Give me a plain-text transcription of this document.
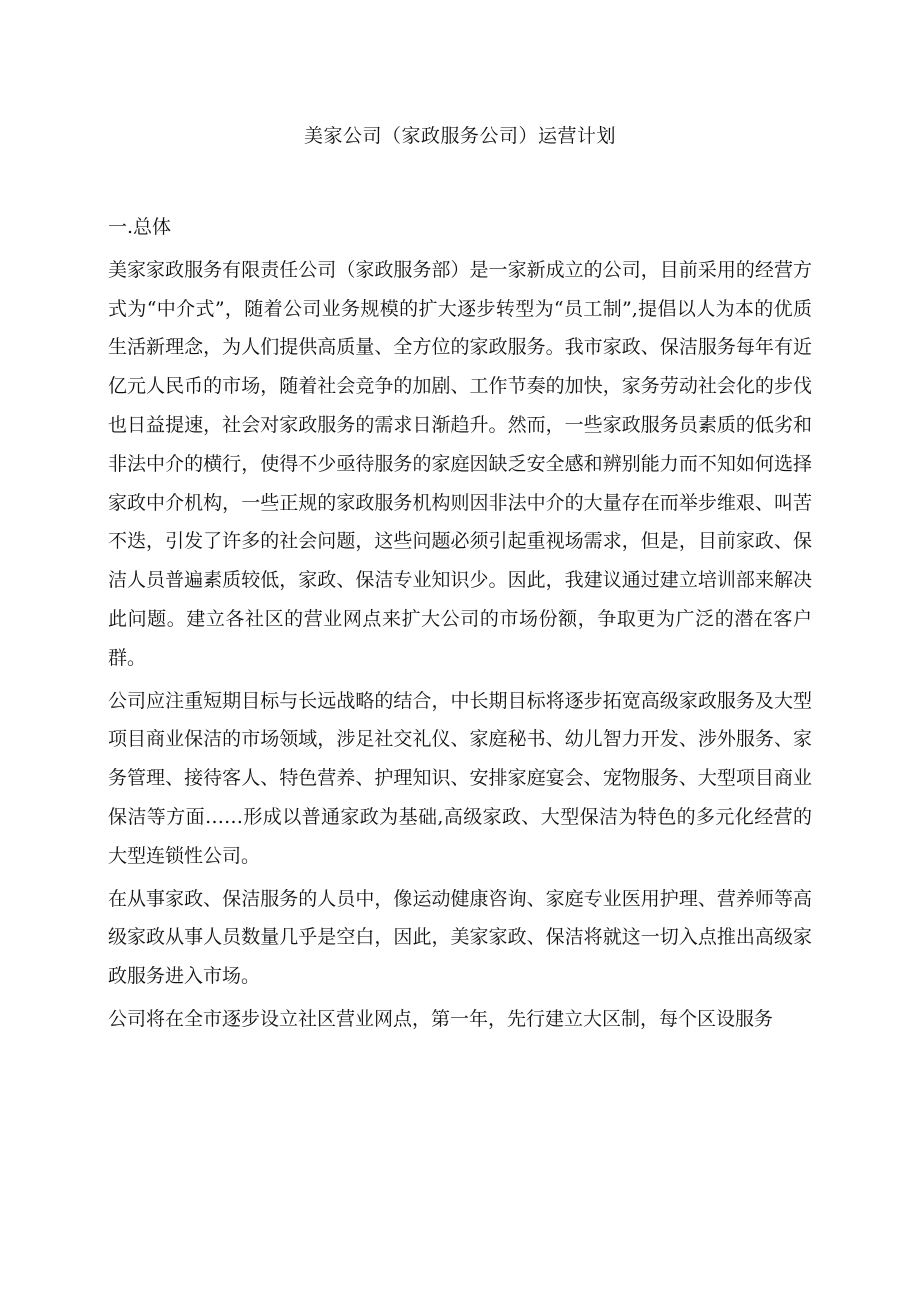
美家公司（家政服务公司）运营计划
一.总体
美家家政服务有限责任公司（家政服务部）是一家新成立的公司，目前采用的经营方式为“中介式”，随着公司业务规模的扩大逐步转型为“员工制”,提倡以人为本的优质生活新理念，为人们提供高质量、全方位的家政服务。我市家政、保洁服务每年有近亿元人民币的市场，随着社会竞争的加剧、工作节奏的加快，家务劳动社会化的步伐也日益提速，社会对家政服务的需求日渐趋升。然而，一些家政服务员素质的低劣和非法中介的横行，使得不少亟待服务的家庭因缺乏安全感和辨别能力而不知如何选择家政中介机构，一些正规的家政服务机构则因非法中介的大量存在而举步维艰、叫苦不迭，引发了许多的社会问题，这些问题必须引起重视场需求，但是，目前家政、保洁人员普遍素质较低，家政、保洁专业知识少。因此，我建议通过建立培训部来解决此问题。建立各社区的营业网点来扩大公司的市场份额，争取更为广泛的潜在客户群。
公司应注重短期目标与长远战略的结合，中长期目标将逐步拓宽高级家政服务及大型项目商业保洁的市场领域，涉足社交礼仪、家庭秘书、幼儿智力开发、涉外服务、家务管理、接待客人、特色营养、护理知识、安排家庭宴会、宠物服务、大型项目商业保洁等方面……形成以普通家政为基础,高级家政、大型保洁为特色的多元化经营的大型连锁性公司。
在从事家政、保洁服务的人员中，像运动健康咨询、家庭专业医用护理、营养师等高级家政从事人员数量几乎是空白，因此，美家家政、保洁将就这一切入点推出高级家政服务进入市场。
公司将在全市逐步设立社区营业网点，第一年，先行建立大区制，每个区设服务
